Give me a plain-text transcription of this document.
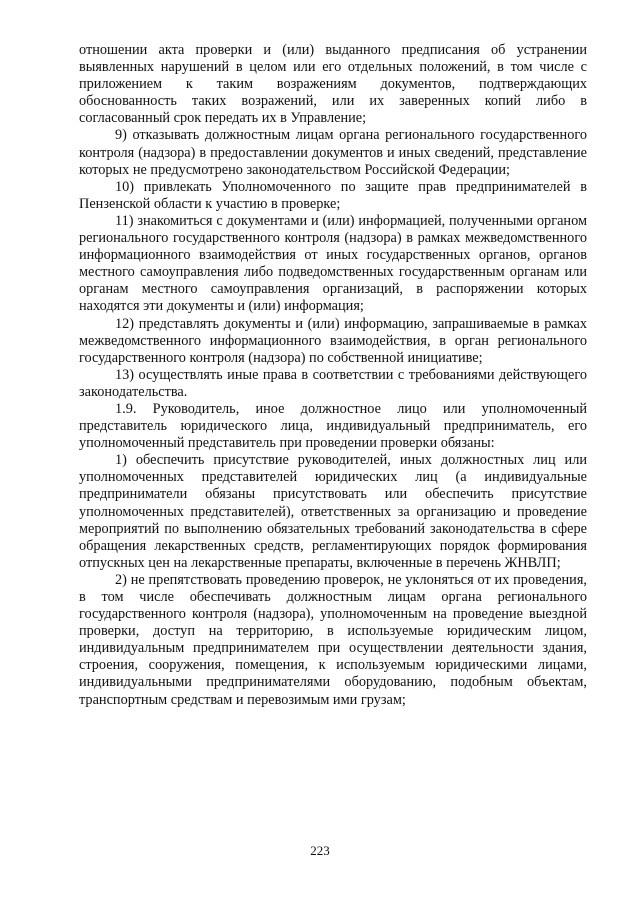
отношении акта проверки и (или) выданного предписания об устранении выявленных нарушений в целом или его отдельных положений, в том числе с приложением к таким возражениям документов, подтверждающих обоснованность таких возражений, или их заверенных копий либо в согласованный срок передать их в Управление;

9) отказывать должностным лицам органа регионального государственного контроля (надзора) в предоставлении документов и иных сведений, представление которых не предусмотрено законодательством Российской Федерации;

10) привлекать Уполномоченного по защите прав предпринимателей в Пензенской области к участию в проверке;

11) знакомиться с документами и (или) информацией, полученными органом регионального государственного контроля (надзора) в рамках межведомственного информационного взаимодействия от иных государственных органов, органов местного самоуправления либо подведомственных государственным органам или органам местного самоуправления организаций, в распоряжении которых находятся эти документы и (или) информация;

12) представлять документы и (или) информацию, запрашиваемые в рамках межведомственного информационного взаимодействия, в орган регионального государственного контроля (надзора) по собственной инициативе;

13) осуществлять иные права в соответствии с требованиями действующего законодательства.

1.9. Руководитель, иное должностное лицо или уполномоченный представитель юридического лица, индивидуальный предприниматель, его уполномоченный представитель при проведении проверки обязаны:

1) обеспечить присутствие руководителей, иных должностных лиц или уполномоченных представителей юридических лиц (а индивидуальные предприниматели обязаны присутствовать или обеспечить присутствие уполномоченных представителей), ответственных за организацию и проведение мероприятий по выполнению обязательных требований законодательства в сфере обращения лекарственных средств, регламентирующих порядок формирования отпускных цен на лекарственные препараты, включенные в перечень ЖНВЛП;

2) не препятствовать проведению проверок, не уклоняться от их проведения, в том числе обеспечивать должностным лицам органа регионального государственного контроля (надзора), уполномоченным на проведение выездной проверки, доступ на территорию, в используемые юридическим лицом, индивидуальным предпринимателем при осуществлении деятельности здания, строения, сооружения, помещения, к используемым юридическими лицами, индивидуальными предпринимателями оборудованию, подобным объектам, транспортным средствам и перевозимым ими грузам;

223
